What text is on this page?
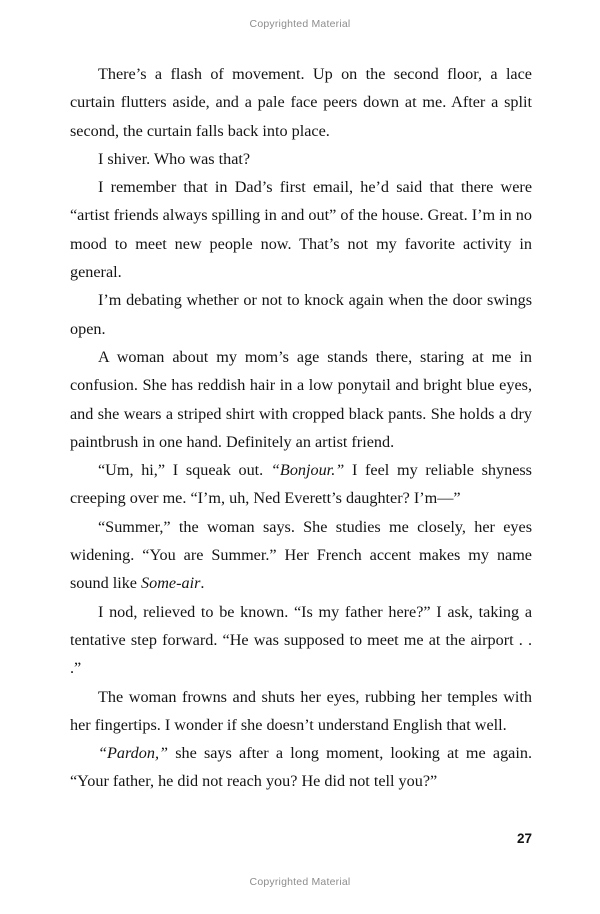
Copyrighted Material

There’s a flash of movement. Up on the second floor, a lace curtain flutters aside, and a pale face peers down at me. After a split second, the curtain falls back into place.

I shiver. Who was that?

I remember that in Dad’s first email, he’d said that there were “artist friends always spilling in and out” of the house. Great. I’m in no mood to meet new people now. That’s not my favorite activity in general.

I’m debating whether or not to knock again when the door swings open.

A woman about my mom’s age stands there, staring at me in confusion. She has reddish hair in a low ponytail and bright blue eyes, and she wears a striped shirt with cropped black pants. She holds a dry paintbrush in one hand. Definitely an artist friend.

“Um, hi,” I squeak out. “Bonjour.” I feel my reliable shyness creeping over me. “I’m, uh, Ned Everett’s daughter? I’m—”

“Summer,” the woman says. She studies me closely, her eyes widening. “You are Summer.” Her French accent makes my name sound like Some-air.

I nod, relieved to be known. “Is my father here?” I ask, taking a tentative step forward. “He was supposed to meet me at the airport . . .”

The woman frowns and shuts her eyes, rubbing her temples with her fingertips. I wonder if she doesn’t understand English that well.

“Pardon,” she says after a long moment, looking at me again. “Your father, he did not reach you? He did not tell you?”

27
Copyrighted Material
